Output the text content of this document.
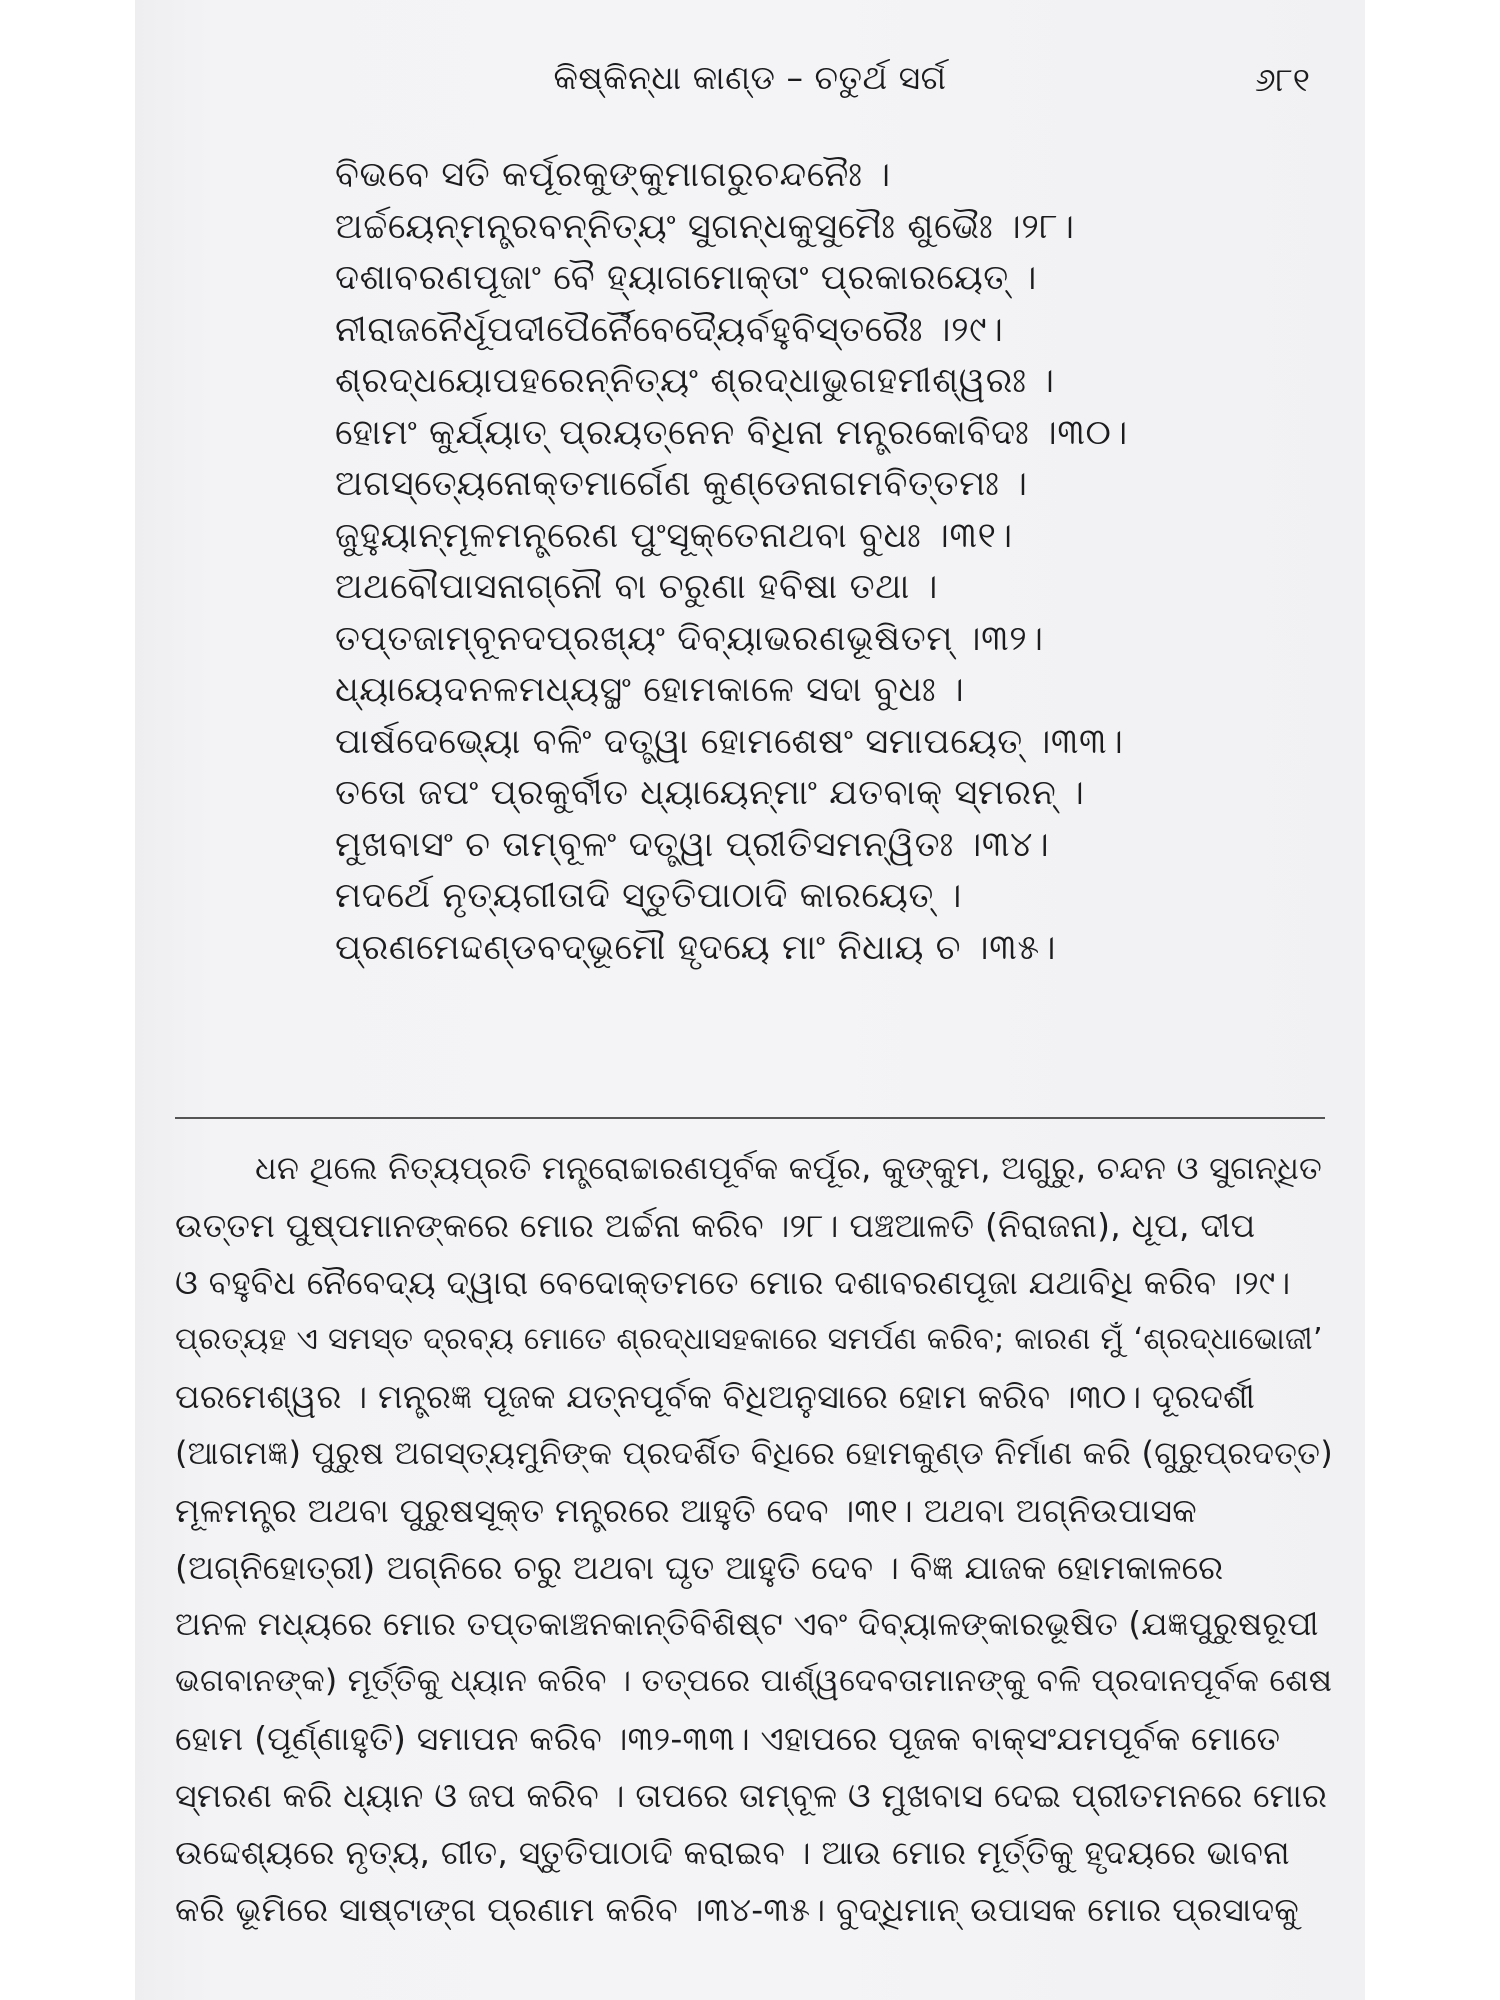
କିଷ୍କିନ୍ଧା କାଣ୍ଡ – ଚତୁର୍ଥ ସର୍ଗ	୬୮୧
ବିଭବେ ସତି କର୍ପୂରକୁଙ୍କୁମାଗରୁଚନ୍ଦନୈଃ ।
ଅର୍ଚ୍ଚୟେନ୍ମନ୍ତ୍ରବନ୍ନିତ୍ୟଂ ସୁଗନ୍ଧକୁସୁମୈଃ ଶୁଭୈଃ ।୨୮।
ଦଶାବରଣପୂଜାଂ ବୈ ହ୍ୟାଗମୋକ୍ତାଂ ପ୍ରକାରୟେତ୍ ।
ନୀରାଜନୈର୍ଧୂପଦୀପୈର୍ନୈବେଦ୍ୟୈର୍ବହୁବିସ୍ତରୈଃ ।୨୯।
ଶ୍ରଦ୍ଧୟୋପହରେନ୍ନିତ୍ୟଂ ଶ୍ରଦ୍ଧାଭୁଗହମୀଶ୍ୱରଃ ।
ହୋମଂ କୁର୍ଯ୍ୟାତ୍ ପ୍ରୟତ୍ନେନ ବିଧିନା ମନ୍ତ୍ରକୋବିଦଃ ।୩୦।
ଅଗସ୍ତ୍ୟେନୋକ୍ତମାର୍ଗେଣ କୁଣ୍ଡେନାଗମବିତ୍ତମଃ ।
ଜୁହୁୟାନ୍ମୂଳମନ୍ତ୍ରେଣ ପୁଂସୂକ୍ତେନାଥବା ବୁଧଃ ।୩୧।
ଅଥବୌପାସନାଗ୍ନୌ ବା ଚରୁଣା ହବିଷା ତଥା ।
ତପ୍ତଜାମ୍ବୂନଦପ୍ରଖ୍ୟଂ ଦିବ୍ୟାଭରଣଭୂଷିତମ୍ ।୩୨।
ଧ୍ୟାୟେଦନଳମଧ୍ୟସ୍ଥଂ ହୋମକାଳେ ସଦା ବୁଧଃ ।
ପାର୍ଷଦେଭ୍ୟୋ ବଳିଂ ଦତ୍ତ୍ୱା ହୋମଶେଷଂ ସମାପୟେତ୍ ।୩୩।
ତତୋ ଜପଂ ପ୍ରକୁର୍ବୀତ ଧ୍ୟାୟେନ୍ମାଂ ଯତବାକ୍ ସ୍ମରନ୍ ।
ମୁଖବାସଂ ଚ ତାମ୍ବୂଳଂ ଦତ୍ତ୍ୱା ପ୍ରୀତିସମନ୍ୱିତଃ ।୩୪।
ମଦର୍ଥେ ନୃତ୍ୟଗୀତାଦି ସ୍ତୁତିପାଠାଦି କାରୟେତ୍ ।
ପ୍ରଣମେଦ୍ଦଣ୍ଡବଦ୍ଭୂମୌ ହୃଦୟେ ମାଂ ନିଧାୟ ଚ ।୩୫।
ଧନ ଥିଲେ ନିତ୍ୟପ୍ରତି ମନ୍ତ୍ରୋଚ୍ଚାରଣପୂର୍ବକ କର୍ପୂର, କୁଙ୍କୁମ, ଅଗୁରୁ, ଚନ୍ଦନ ଓ ସୁଗନ୍ଧିତ
ଉତ୍ତମ ପୁଷ୍ପମାନଙ୍କରେ ମୋର ଅର୍ଚ୍ଚନା କରିବ ।୨୮। ପଞ୍ଚଆଳତି (ନିରାଜନା), ଧୂପ, ଦୀପ
ଓ ବହୁବିଧ ନୈବେଦ୍ୟ ଦ୍ୱାରା ବେଦୋକ୍ତମତେ ମୋର ଦଶାବରଣପୂଜା ଯଥାବିଧି କରିବ ।୨୯।
ପ୍ରତ୍ୟହ ଏ ସମସ୍ତ ଦ୍ରବ୍ୟ ମୋତେ ଶ୍ରଦ୍ଧାସହକାରେ ସମର୍ପଣ କରିବ; କାରଣ ମୁଁ ‘ଶ୍ରଦ୍ଧାଭୋଜୀ’
ପରମେଶ୍ୱର । ମନ୍ତ୍ରଜ୍ଞ ପୂଜକ ଯତ୍ନପୂର୍ବକ ବିଧିଅନୁସାରେ ହୋମ କରିବ ।୩୦। ଦୂରଦର୍ଶୀ
(ଆଗମଜ୍ଞ) ପୁରୁଷ ଅଗସ୍ତ୍ୟମୁନିଙ୍କ ପ୍ରଦର୍ଶିତ ବିଧିରେ ହୋମକୁଣ୍ଡ ନିର୍ମାଣ କରି (ଗୁରୁପ୍ରଦତ୍ତ)
ମୂଳମନ୍ତ୍ର ଅଥବା ପୁରୁଷସୂକ୍ତ ମନ୍ତ୍ରରେ ଆହୁତି ଦେବ ।୩୧। ଅଥବା ଅଗ୍ନିଉପାସକ
(ଅଗ୍ନିହୋତ୍ରୀ) ଅଗ୍ନିରେ ଚରୁ ଅଥବା ଘୃତ ଆହୁତି ଦେବ । ବିଜ୍ଞ ଯାଜକ ହୋମକାଳରେ
ଅନଳ ମଧ୍ୟରେ ମୋର ତପ୍ତକାଞ୍ଚନକାନ୍ତିବିଶିଷ୍ଟ ଏବଂ ଦିବ୍ୟାଳଙ୍କାରଭୂଷିତ (ଯଜ୍ଞପୁରୁଷରୂପୀ
ଭଗବାନଙ୍କ) ମୂର୍ତ୍ତିକୁ ଧ୍ୟାନ କରିବ । ତତ୍ପରେ ପାର୍ଶ୍ୱଦେବତାମାନଙ୍କୁ ବଳି ପ୍ରଦାନପୂର୍ବକ ଶେଷ
ହୋମ (ପୂର୍ଣ୍ଣାହୁତି) ସମାପନ କରିବ ।୩୨-୩୩। ଏହାପରେ ପୂଜକ ବାକ୍‌ସଂଯମପୂର୍ବକ ମୋତେ
ସ୍ମରଣ କରି ଧ୍ୟାନ ଓ ଜପ କରିବ । ତାପରେ ତାମ୍ବୂଳ ଓ ମୁଖବାସ ଦେଇ ପ୍ରୀତମନରେ ମୋର
ଉଦ୍ଦେଶ୍ୟରେ ନୃତ୍ୟ, ଗୀତ, ସ୍ତୁତିପାଠାଦି କରାଇବ । ଆଉ ମୋର ମୂର୍ତ୍ତିକୁ ହୃଦୟରେ ଭାବନା
କରି ଭୂମିରେ ସାଷ୍ଟାଙ୍ଗ ପ୍ରଣାମ କରିବ ।୩୪-୩୫। ବୁଦ୍ଧିମାନ୍ ଉପାସକ ମୋର ପ୍ରସାଦକୁ
